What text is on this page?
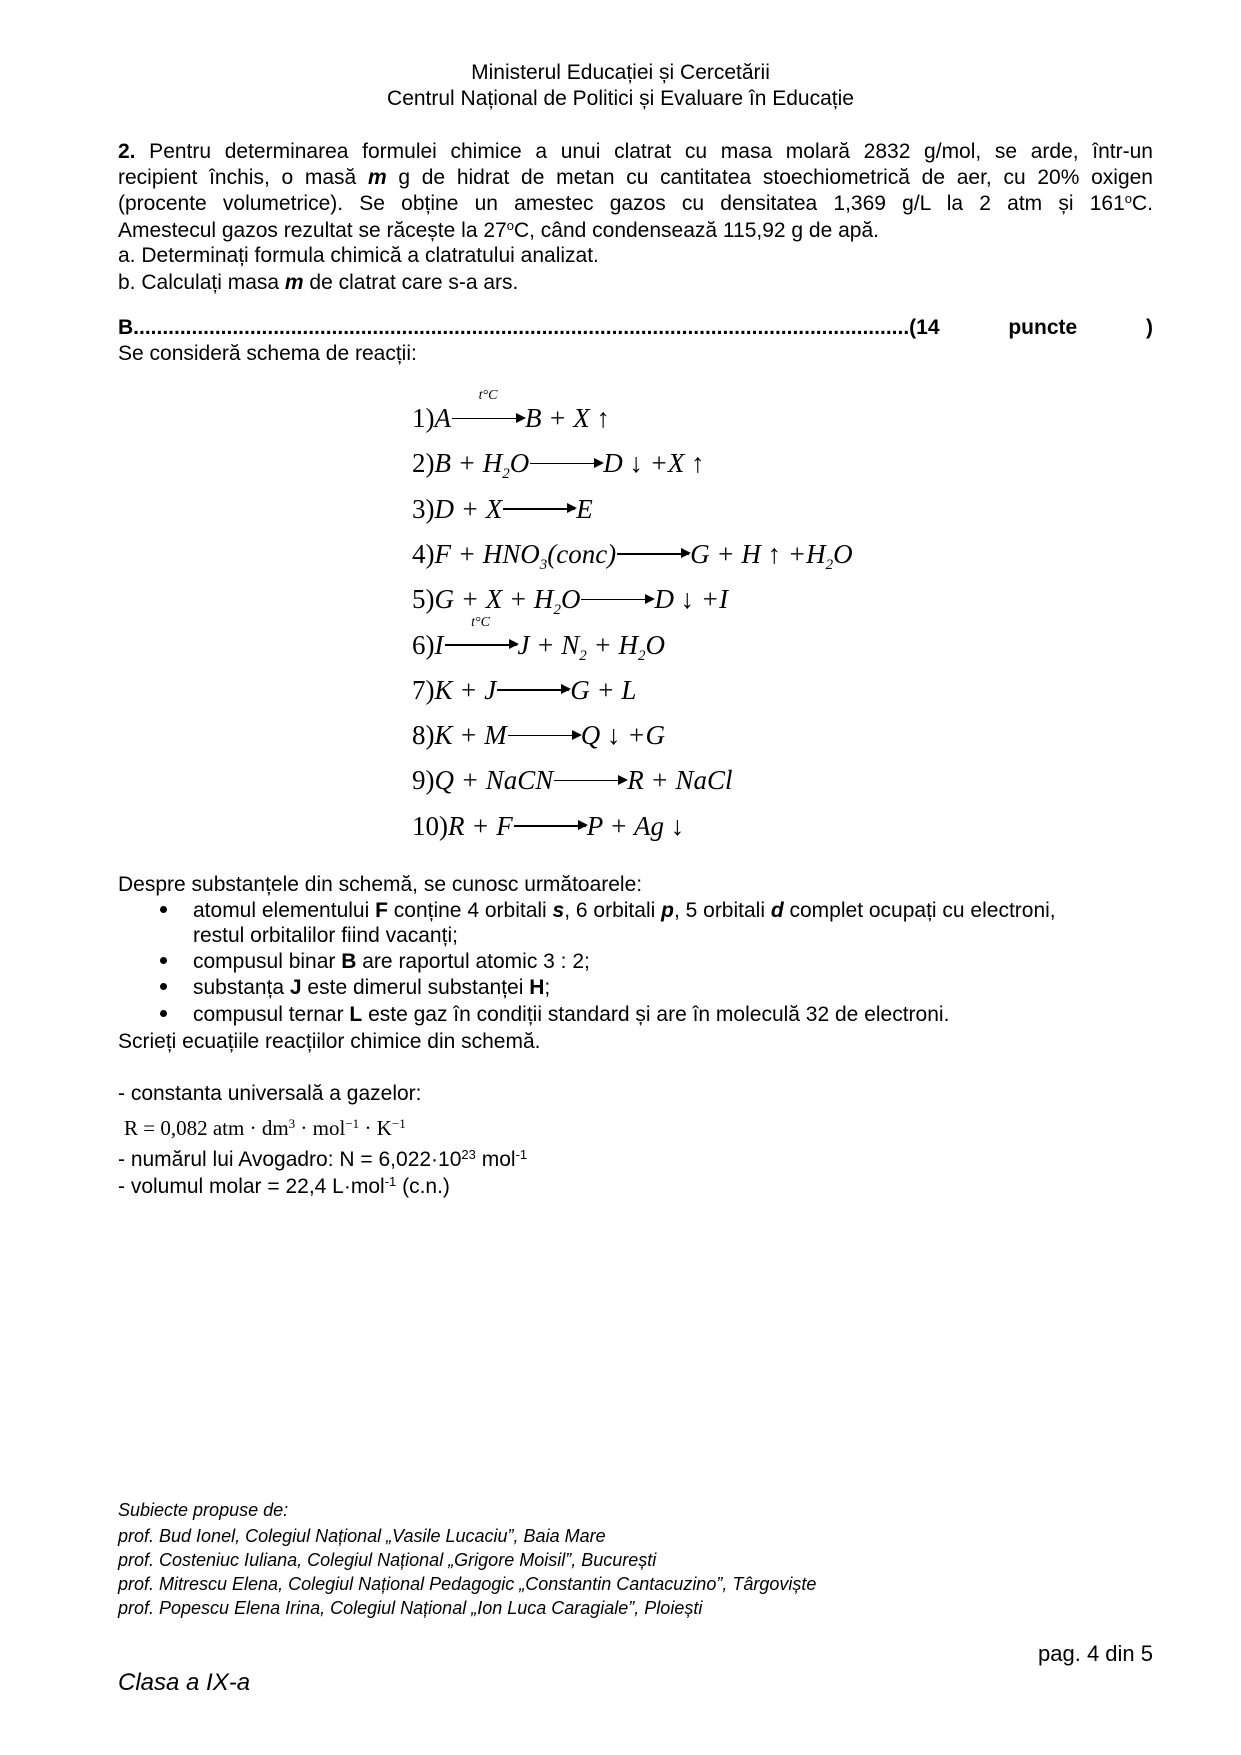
Ministerul Educației și Cercetării
Centrul Național de Politici și Evaluare în Educație
2. Pentru determinarea formulei chimice a unui clatrat cu masa molară 2832 g/mol, se arde, într-un
recipient închis, o masă m g de hidrat de metan cu cantitatea stoechiometrică de aer, cu 20% oxigen
(procente volumetrice). Se obține un amestec gazos cu densitatea 1,369 g/L la 2 atm și 161$^o$C.
Amestecul gazos rezultat se răcește la 27$^o$C, când condensează 115,92 g de apă.
a. Determinați formula chimică a clatratului analizat.
b. Calculați masa m de clatrat care s-a ars.
B.....................................................................................................................................(14 puncte )
Se consideră schema de reacții:
1)A
t°C
B + X ↑
$2)B + H_2O\to D$ ↓ +X ↑
3)D + X→E
$4)F + HNO_3(conc)\to G + H$ ↑ $+H_2O$
$5)G + X + H_2O\to D$ ↓ +I
6)I
t°C
$J + N_2 + H_2O$
7)K + J→G + L
8)K + M→Q ↓ +G
9)Q + NaCN→R + NaCl
10)R + F→P + Ag ↓
Despre substanțele din schemă, se cunosc următoarele:
atomul elementului F conține 4 orbitali s, 6 orbitali p, 5 orbitali d complet ocupați cu electroni,
restul orbitalilor fiind vacanți;
compusul binar B are raportul atomic 3 : 2;
substanța J este dimerul substanței H;
compusul ternar L este gaz în condiții standard și are în moleculă 32 de electroni.
Scrieți ecuațiile reacțiilor chimice din schemă.
- constanta universală a gazelor:
R = 0,082 atm · $dm^3 \cdot mol^{-1} \cdot K^{-1}$
- numărul lui Avogadro: $N = 6,022\cdot 10^{23}$ mol$^{-1}$
- volumul molar = 22,4 L·mol$^{-1}$ (c.n.)
Subiecte propuse de:
prof. Bud Ionel, Colegiul Național „Vasile Lucaciu”, Baia Mare
prof. Costeniuc Iuliana, Colegiul Național „Grigore Moisil”, București
prof. Mitrescu Elena, Colegiul Național Pedagogic „Constantin Cantacuzino”, Târgoviște
prof. Popescu Elena Irina, Colegiul Național „Ion Luca Caragiale”, Ploiești
pag. 4 din 5
Clasa a IX-a
